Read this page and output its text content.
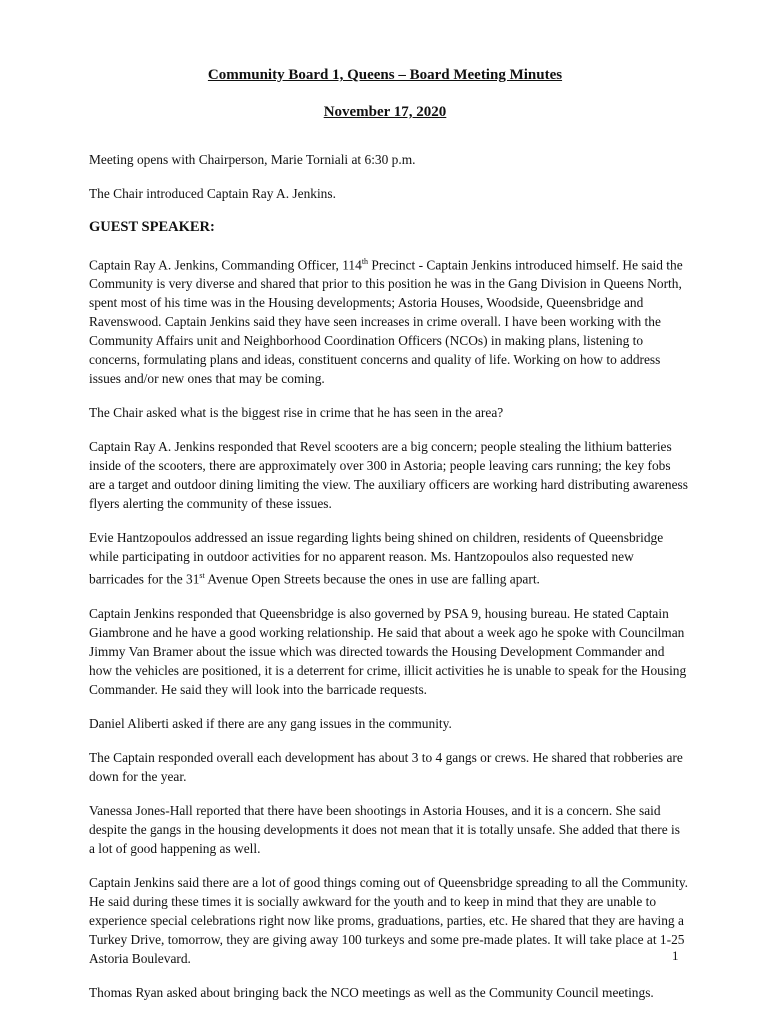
Community Board 1, Queens – Board Meeting Minutes
November 17, 2020

Meeting opens with Chairperson, Marie Torniali at 6:30 p.m.

The Chair introduced Captain Ray A. Jenkins.

GUEST SPEAKER:

Captain Ray A. Jenkins, Commanding Officer, 114th Precinct - Captain Jenkins introduced himself. He said the Community is very diverse and shared that prior to this position he was in the Gang Division in Queens North, spent most of his time was in the Housing developments; Astoria Houses, Woodside, Queensbridge and Ravenswood. Captain Jenkins said they have seen increases in crime overall. I have been working with the Community Affairs unit and Neighborhood Coordination Officers (NCOs) in making plans, listening to concerns, formulating plans and ideas, constituent concerns and quality of life. Working on how to address issues and/or new ones that may be coming.

The Chair asked what is the biggest rise in crime that he has seen in the area?

Captain Ray A. Jenkins responded that Revel scooters are a big concern; people stealing the lithium batteries inside of the scooters, there are approximately over 300 in Astoria; people leaving cars running; the key fobs are a target and outdoor dining limiting the view. The auxiliary officers are working hard distributing awareness flyers alerting the community of these issues.

Evie Hantzopoulos addressed an issue regarding lights being shined on children, residents of Queensbridge while participating in outdoor activities for no apparent reason. Ms. Hantzopoulos also requested new barricades for the 31st Avenue Open Streets because the ones in use are falling apart.

Captain Jenkins responded that Queensbridge is also governed by PSA 9, housing bureau. He stated Captain Giambrone and he have a good working relationship. He said that about a week ago he spoke with Councilman Jimmy Van Bramer about the issue which was directed towards the Housing Development Commander and how the vehicles are positioned, it is a deterrent for crime, illicit activities he is unable to speak for the Housing Commander. He said they will look into the barricade requests.

Daniel Aliberti asked if there are any gang issues in the community.

The Captain responded overall each development has about 3 to 4 gangs or crews. He shared that robberies are down for the year.

Vanessa Jones-Hall reported that there have been shootings in Astoria Houses, and it is a concern. She said despite the gangs in the housing developments it does not mean that it is totally unsafe. She added that there is a lot of good happening as well.

Captain Jenkins said there are a lot of good things coming out of Queensbridge spreading to all the Community. He said during these times it is socially awkward for the youth and to keep in mind that they are unable to experience special celebrations right now like proms, graduations, parties, etc. He shared that they are having a Turkey Drive, tomorrow, they are giving away 100 turkeys and some pre-made plates. It will take place at 1-25 Astoria Boulevard.

Thomas Ryan asked about bringing back the NCO meetings as well as the Community Council meetings.

1
